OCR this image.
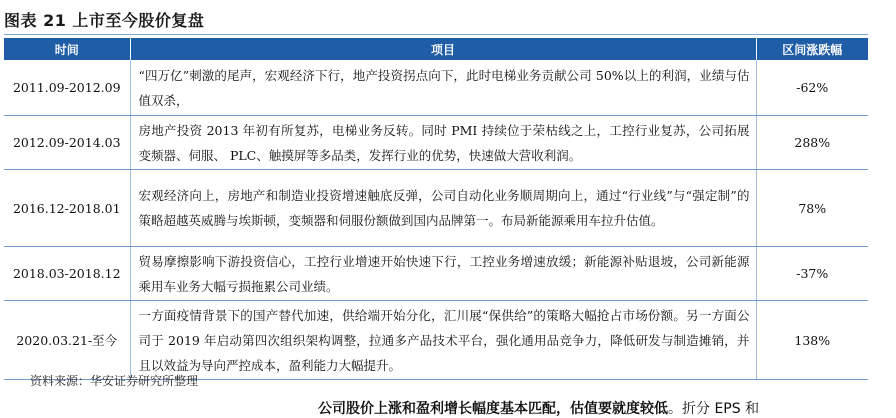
图表 21 上市至今股价复盘
时间	项目	区间涨跌幅
2011.09-2012.09	“四万亿”刺激的尾声，宏观经济下行，地产投资拐点向下，此时电梯业务贡献公司 50%以上的利润，业绩与估值双杀，	-62%
2012.09-2014.03	房地产投资 2013 年初有所复苏，电梯业务反转。同时 PMI 持续位于荣枯线之上，工控行业复苏，公司拓展变频器、伺服、 PLC、触摸屏等多品类，发挥行业的优势，快速做大营收利润。	288%
2016.12-2018.01	宏观经济向上，房地产和制造业投资增速触底反弹，公司自动化业务顺周期向上，通过“行业线”与“强定制”的策略超越英威腾与埃斯顿，变频器和伺服份额做到国内品牌第一。布局新能源乘用车拉升估值。	78%
2018.03-2018.12	贸易摩擦影响下游投资信心，工控行业增速开始快速下行，工控业务增速放缓；新能源补贴退坡，公司新能源乘用车业务大幅亏损拖累公司业绩。	-37%
2020.03.21-至今	一方面疫情背景下的国产替代加速，供给端开始分化，汇川展“保供给”的策略大幅抢占市场份额。另一方面公司于 2019 年启动第四次组织架构调整，拉通多产品技术平台，强化通用品竞争力，降低研发与制造摊销，并且以效益为导向严控成本，盈利能力大幅提升。	138%
资料来源：华安证券研究所整理
公司股价上涨和盈利增长幅度基本匹配，估值要就度较低。折分 EPS 和
